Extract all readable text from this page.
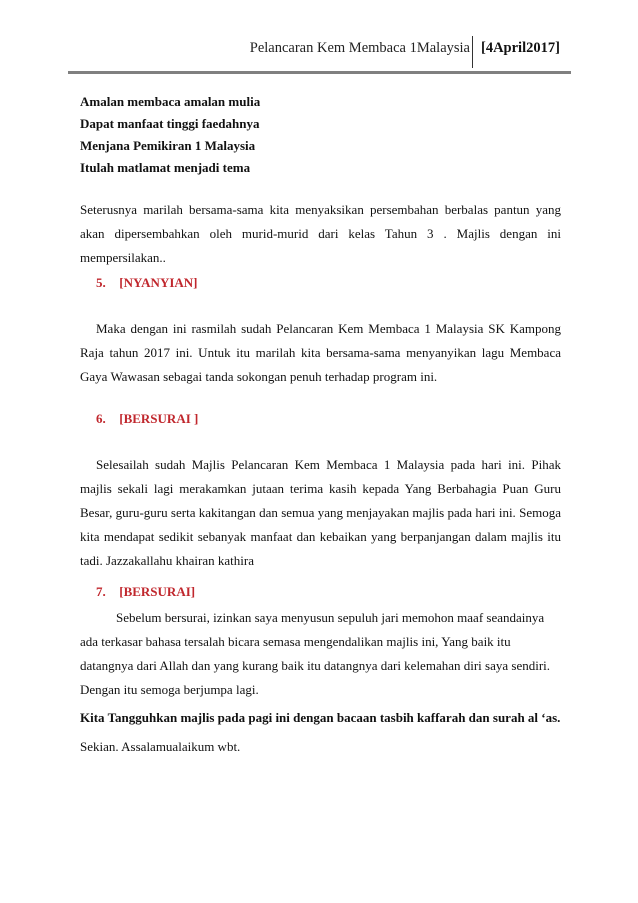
Pelancaran Kem Membaca 1Malaysia [4April2017]
Amalan membaca amalan mulia
Dapat manfaat tinggi faedahnya
Menjana Pemikiran 1 Malaysia
Itulah matlamat menjadi tema
Seterusnya marilah bersama-sama kita menyaksikan persembahan berbalas pantun yang akan dipersembahkan oleh murid-murid dari kelas Tahun 3 . Majlis dengan ini mempersilakan..
5. [NYANYIAN]
Maka dengan ini rasmilah sudah Pelancaran Kem Membaca 1 Malaysia SK Kampong Raja tahun 2017 ini. Untuk itu marilah kita bersama-sama menyanyikan lagu Membaca Gaya Wawasan sebagai tanda sokongan penuh terhadap program ini.
6. [BERSURAI ]
Selesailah sudah Majlis Pelancaran Kem Membaca 1 Malaysia pada hari ini. Pihak majlis sekali lagi merakamkan jutaan terima kasih kepada Yang Berbahagia Puan Guru Besar, guru-guru serta kakitangan dan semua yang menjayakan majlis pada hari ini. Semoga kita mendapat sedikit sebanyak manfaat dan kebaikan yang berpanjangan dalam majlis itu tadi. Jazzakallahu khairan kathira
7. [BERSURAI]
Sebelum bersurai, izinkan saya menyusun sepuluh jari memohon maaf seandainya ada terkasar bahasa tersalah bicara semasa mengendalikan majlis ini, Yang baik itu datangnya dari Allah dan yang kurang baik itu datangnya dari kelemahan diri saya sendiri. Dengan itu semoga berjumpa lagi.
Kita Tangguhkan majlis pada pagi ini dengan bacaan tasbih kaffarah dan surah al ‘as.
Sekian. Assalamualaikum wbt.
